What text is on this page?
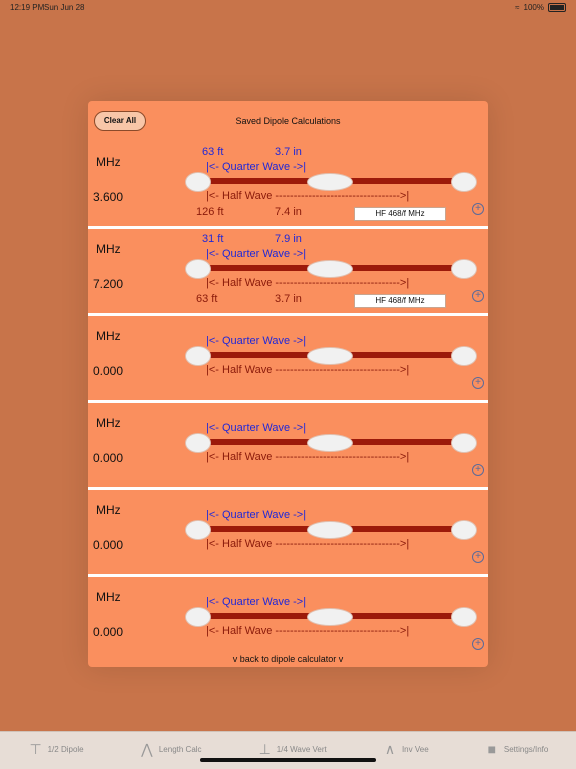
12:19 PM Sun Jun 28	≈ 100%
Clear All	Saved Dipole Calculations
MHz
3.600
63 ft	3.7 in
|<- Quarter Wave ->|
|<- Half Wave ---------------------------------->|
126 ft	7.4 in	HF 468/f MHz	+
MHz
7.200
31 ft	7.9 in
|<- Quarter Wave ->|
|<- Half Wave ---------------------------------->|
63 ft	3.7 in	HF 468/f MHz	+
MHz
0.000
|<- Quarter Wave ->|
|<- Half Wave ---------------------------------->|
+
MHz
0.000
|<- Quarter Wave ->|
|<- Half Wave ---------------------------------->|
+
MHz
0.000
|<- Quarter Wave ->|
|<- Half Wave ---------------------------------->|
+
MHz
0.000
|<- Quarter Wave ->|
|<- Half Wave ---------------------------------->|
+
v back to dipole calculator v
⊤ 1/2 Dipole	⋀ Length Calc	⊥ 1/4 Wave Vert	∧ Inv Vee	■ Settings/Info
